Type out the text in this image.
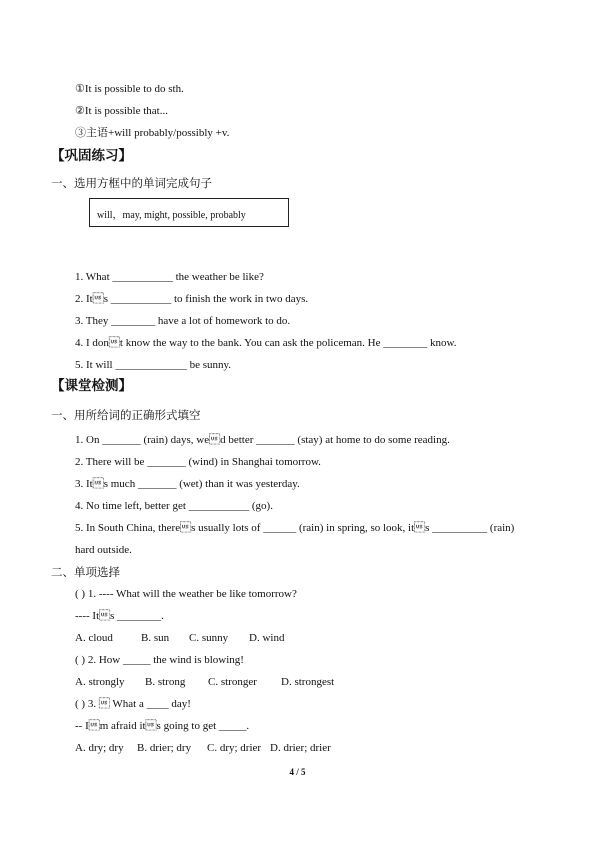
①It is possible to do sth.
②It is possible that...
③主语+will probably/possibly +v.
【巩固练习】
一、选用方框中的单词完成句子
will，may, might, possible, probably
1. What ___________ the weather be like?
2. Its ___________ to finish the work in two days.
3. They ________ have a lot of homework to do.
4. I dont know the way to the bank. You can ask the policeman. He ________ know.
5. It will _____________ be sunny.
【课堂检测】
一、用所给词的正确形式填空
1. On _______ (rain) days, wed better _______ (stay) at home to do some reading.
2. There will be _______ (wind) in Shanghai tomorrow.
3. Its much _______ (wet) than it was yesterday.
4. No time left, better get ___________ (go).
5. In South China, theres usually lots of ______ (rain) in spring, so look, its __________ (rain)
hard outside.
二、单项选择
( ) 1. ---- What will the weather be like tomorrow?
---- Its ________.
A. cloud	B. sun C. sunny D. wind
( ) 2. How _____ the wind is blowing!
A. strongly B. strong C. stronger D. strongest
( ) 3.  What a ____ day!
-- Im afraid its going to get _____.
A. dry; dry B. drier; dry C. dry; drier D. drier; drier
4 / 5
